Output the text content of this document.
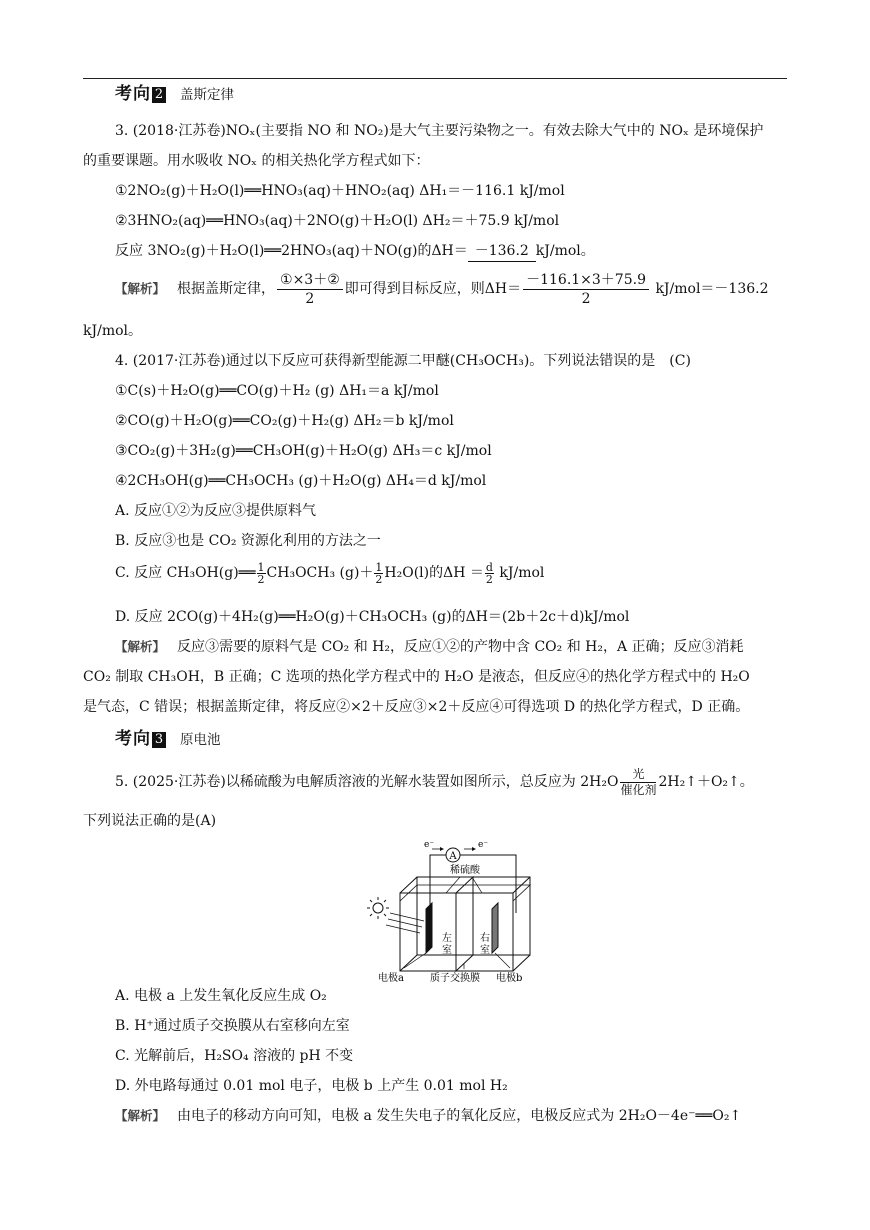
考向 2 盖斯定律
3. (2018·江苏卷)NOₓ(主要指 NO 和 NO₂)是大气主要污染物之一。有效去除大气中的 NOₓ 是环境保护
的重要课题。用水吸收 NOₓ 的相关热化学方程式如下：
①2NO₂(g)＋H₂O(l)══HNO₃(aq)＋HNO₂(aq) ΔH₁＝－116.1 kJ/mol
②3HNO₂(aq)══HNO₃(aq)＋2NO(g)＋H₂O(l) ΔH₂＝＋75.9 kJ/mol
反应 3NO₂(g)＋H₂O(l)══2HNO₃(aq)＋NO(g)的ΔH＝ －136.2 kJ/mol。
【解析】 根据盖斯定律， $\frac{\text{①×3＋②}}{2}$ 即可得到目标反应，则$\Delta H= \frac{-116.1\times 3+75.9}{2} kJ/mol=-136.2$
kJ/mol。
4. (2017·江苏卷)通过以下反应可获得新型能源二甲醚(CH₃OCH₃)。下列说法错误的是　(C)
①C(s)＋H₂O(g)══CO(g)＋H₂ (g) ΔH₁＝a kJ/mol
②CO(g)＋H₂O(g)══CO₂(g)＋H₂(g) ΔH₂＝b kJ/mol
③CO₂(g)＋3H₂(g)══CH₃OH(g)＋H₂O(g) ΔH₃＝c kJ/mol
④2CH₃OH(g)══CH₃OCH₃ (g)＋H₂O(g) ΔH₄＝d kJ/mol
A. 反应①②为反应③提供原料气
B. 反应③也是 CO₂ 资源化利用的方法之一
C. 反应 CH₃OH(g)══ $\frac{1}{2} CH_3OCH_3$ $(g)+ \frac{1}{2} H_2O(l)$的$\Delta H = \frac{d}{2} kJ/mol$
D. 反应 2CO(g)＋4H₂(g)══H₂O(g)＋CH₃OCH₃ (g)的ΔH＝(2b＋2c＋d)kJ/mol
【解析】 反应③需要的原料气是 CO₂ 和 H₂，反应①②的产物中含 CO₂ 和 H₂，A 正确；反应③消耗
CO₂ 制取 CH₃OH，B 正确；C 选项的热化学方程式中的 H₂O 是液态，但反应④的热化学方程式中的 H₂O
是气态，C 错误；根据盖斯定律，将反应②×2＋反应③×2＋反应④可得选项 D 的热化学方程式，D 正确。
考向 3 原电池
5. (2025·江苏卷)以稀硫酸为电解质溶液的光解水装置如图所示，总反应为 2H₂O
光
催化剂 2H₂↑＋O₂↑。
下列说法正确的是(A)
A
e⁻	e⁻
稀硫酸
左
室
右
室
电极a	质子交换膜 电极b
A. 电极 a 上发生氧化反应生成 O₂
B. H⁺通过质子交换膜从右室移向左室
C. 光解前后，H₂SO₄ 溶液的 pH 不变
D. 外电路每通过 0.01 mol 电子，电极 b 上产生 0.01 mol H₂
【解析】 由电子的移动方向可知，电极 a 发生失电子的氧化反应，电极反应式为 2H₂O－4e⁻══O₂↑
